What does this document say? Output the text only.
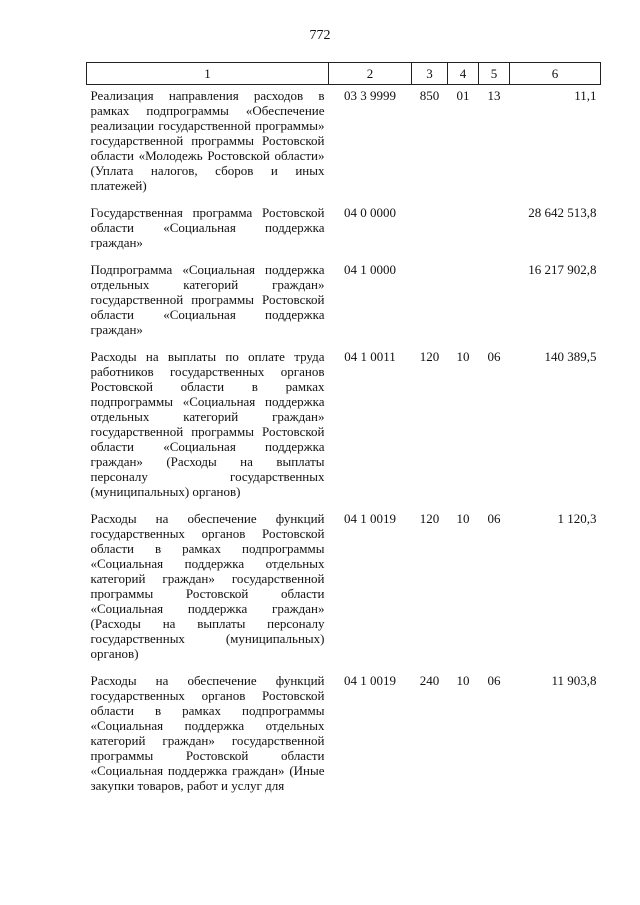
772
1	2	3	4	5	6
Реализация направления расходов в рамках подпрограммы «Обеспечение реализации государственной программы» государственной программы Ростовской области «Молодежь Ростовской области» (Уплата налогов, сборов и иных платежей)	03 3 9999	850	01	13	11,1
Государственная программа Ростовской области «Социальная поддержка граждан»	04 0 0000				28 642 513,8
Подпрограмма «Социальная поддержка отдельных категорий граждан» государственной программы Ростовской области «Социальная поддержка граждан»	04 1 0000				16 217 902,8
Расходы на выплаты по оплате труда работников государственных органов Ростовской области в рамках подпрограммы «Социальная поддержка отдельных категорий граждан» государственной программы Ростовской области «Социальная поддержка граждан» (Расходы на выплаты персоналу государственных (муниципальных) органов)	04 1 0011	120	10	06	140 389,5
Расходы на обеспечение функций государственных органов Ростовской области в рамках подпрограммы «Социальная поддержка отдельных категорий граждан» государственной программы Ростовской области «Социальная поддержка граждан» (Расходы на выплаты персоналу государственных (муниципальных) органов)	04 1 0019	120	10	06	1 120,3
Расходы на обеспечение функций государственных органов Ростовской области в рамках подпрограммы «Социальная поддержка отдельных категорий граждан» государственной программы Ростовской области «Социальная поддержка граждан» (Иные закупки товаров, работ и услуг для	04 1 0019	240	10	06	11 903,8
